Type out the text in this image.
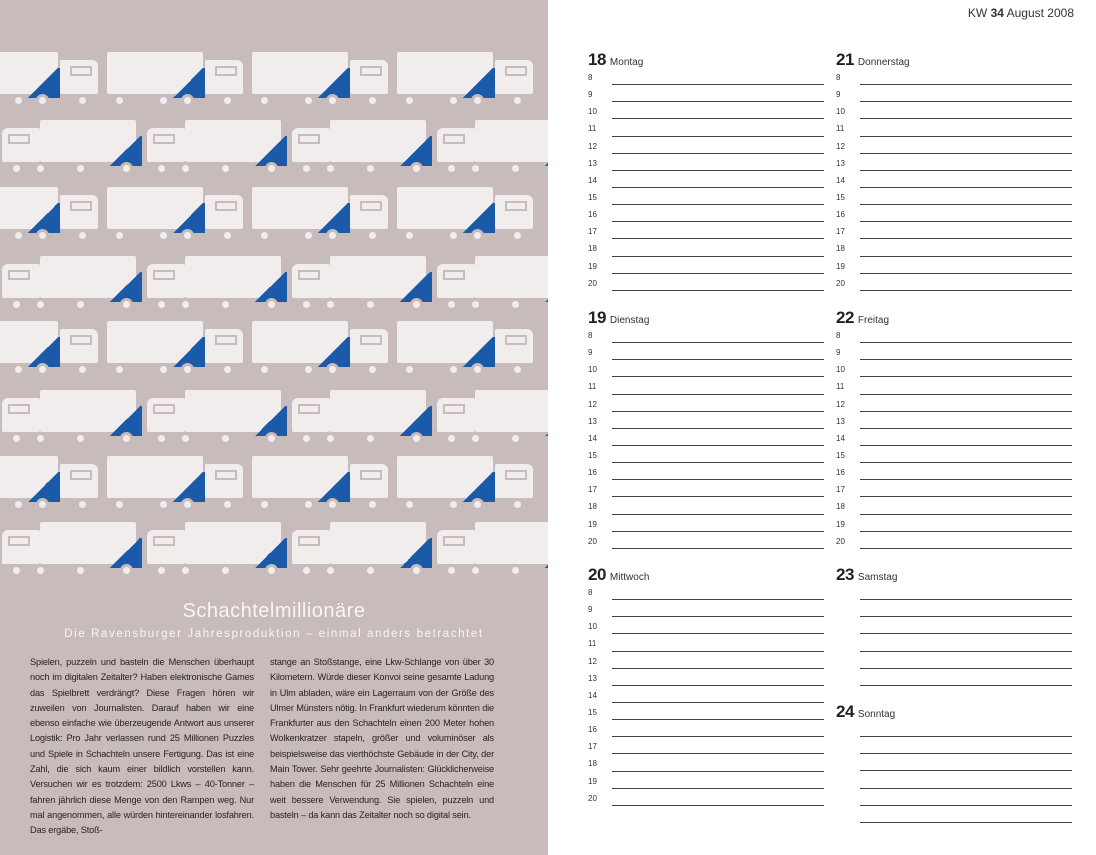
Schachtelmillionäre
Die Ravensburger Jahresproduktion – einmal anders betrachtet
Spielen, puzzeln und basteln die Menschen überhaupt noch im digitalen Zeitalter? Haben elektronische Games das Spielbrett verdrängt? Diese Fragen hören wir zuweilen von Journalisten. Darauf haben wir eine ebenso einfache wie überzeugende Antwort aus unserer Logistik: Pro Jahr verlassen rund 25 Millionen Puzzles und Spiele in Schachteln unsere Fertigung. Das ist eine Zahl, die sich kaum einer bildlich vorstellen kann. Versuchen wir es trotzdem: 2500 Lkws – 40-Tonner – fahren jährlich diese Menge von den Rampen weg. Nur mal angenommen, alle würden hintereinander losfahren. Das ergäbe, Stoß-
stange an Stoßstange, eine Lkw-Schlange von über 30 Kilometern. Würde dieser Konvoi seine gesamte Ladung in Ulm abladen, wäre ein Lagerraum von der Größe des Ulmer Münsters nötig. In Frankfurt wiederum könnten die Frankfurter aus den Schachteln einen 200 Meter hohen Wolkenkratzer stapeln, größer und voluminöser als beispielsweise das vierthöchste Gebäude in der City, der Main Tower. Sehr geehrte Journalisten: Glücklicherweise haben die Menschen für 25 Millionen Schachteln eine weit bessere Verwendung. Sie spielen, puzzeln und basteln – da kann das Zeitalter noch so digital sein.
KW 34 August 2008
18 Montag
8
9
10
11
12
13
14
15
16
17
18
19
20
19 Dienstag
8
9
10
11
12
13
14
15
16
17
18
19
20
20 Mittwoch
8
9
10
11
12
13
14
15
16
17
18
19
20
21 Donnerstag
8
9
10
11
12
13
14
15
16
17
18
19
20
22 Freitag
8
9
10
11
12
13
14
15
16
17
18
19
20
23 Samstag
24 Sonntag
